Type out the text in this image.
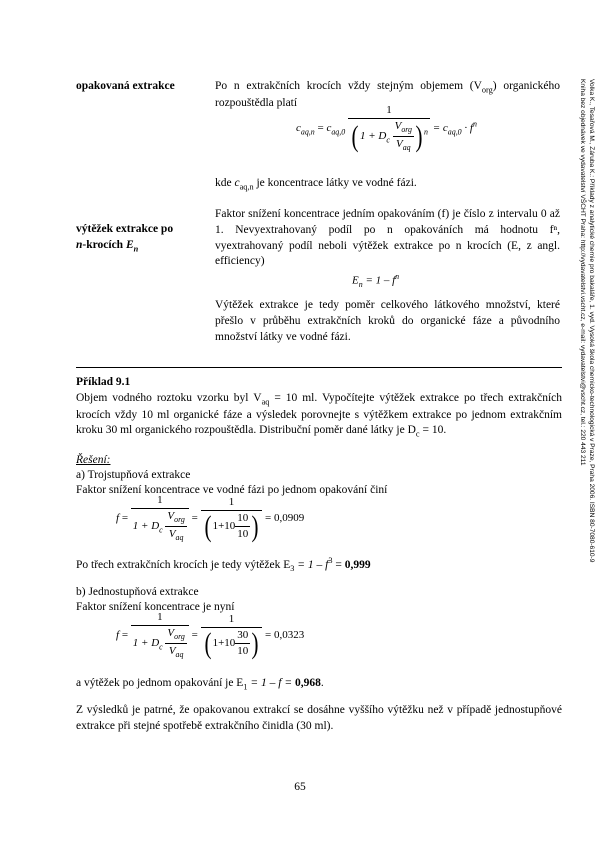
Volka K., Tesařová M., Záruba K.: Příklady z analytické chemie pro bakaláře, 1. vyd. Vysoká škola chemicko-technologická v Praze, Praha 2006. ISBN 80-7080-610-9
Kniha bez objednávek ve vydavatelství VŠCHT Praha: http://vydavatelstvi.vscht.cz, e-mail: vydavatelstvi@vscht.cz, tel.: 220 443 211
opakovaná extrakce	Po n extrakčních krocích vždy stejným objemem $(V_{org})$ organického rozpouštědla platí
$c_{aq,n} = c_{aq,0} \frac{1}{( 1 + D_c \frac{V_{org}}{V_{aq}} ) ^n} = c_{aq,0} \cdot f^n$
kde $c_{aq,n}$ je koncentrace látky ve vodné fázi.
výtěžek extrakce po
n-krocích $E_n$
Faktor snížení koncentrace jedním opakováním (f) je číslo z intervalu 0 až 1. Nevyextrahovaný podíl po n opakováních má hodnotu fⁿ, vyextrahovaný podíl neboli výtěžek extrakce po n krocích (E, z angl. efficiency)
$E_n = 1 - f^n$
Výtěžek extrakce je tedy poměr celkového látkového množství, které přešlo v průběhu extrakčních kroků do organické fáze a původního množství látky ve vodné fázi.
Příklad 9.1
Objem vodného roztoku vzorku byl $V_{aq} = 10$ ml. Vypočítejte výtěžek extrakce po třech extrakčních krocích vždy 10 ml organické fáze a výsledek porovnejte s výtěžkem extrakce po jednom extrakčním kroku 30 ml organického rozpouštědla. Distribuční poměr dané látky je $D_c = 10$.
Řešení:
a) Trojstupňová extrakce
Faktor snížení koncentrace ve vodné fázi po jednom opakování činí
$f = \frac{1}{1 + D_c \frac{V_{org}}{V_{aq}}} = \frac{1}{( 1+10 \frac{10}{10} )} = 0,0909$
Po třech extrakčních krocích je tedy výtěžek $E_3 = 1 - f^3 = 0,999$
b) Jednostupňová extrakce
Faktor snížení koncentrace je nyní
$f = \frac{1}{1 + D_c \frac{V_{org}}{V_{aq}}} = \frac{1}{( 1+10 \frac{30}{10} )} = 0,0323$
a výtěžek po jednom opakování je $E_1 = 1 - f = 0,968$.
Z výsledků je patrné, že opakovanou extrakcí se dosáhne vyššího výtěžku než v případě jednostupňové extrakce při stejné spotřebě extrakčního činidla (30 ml).
65
